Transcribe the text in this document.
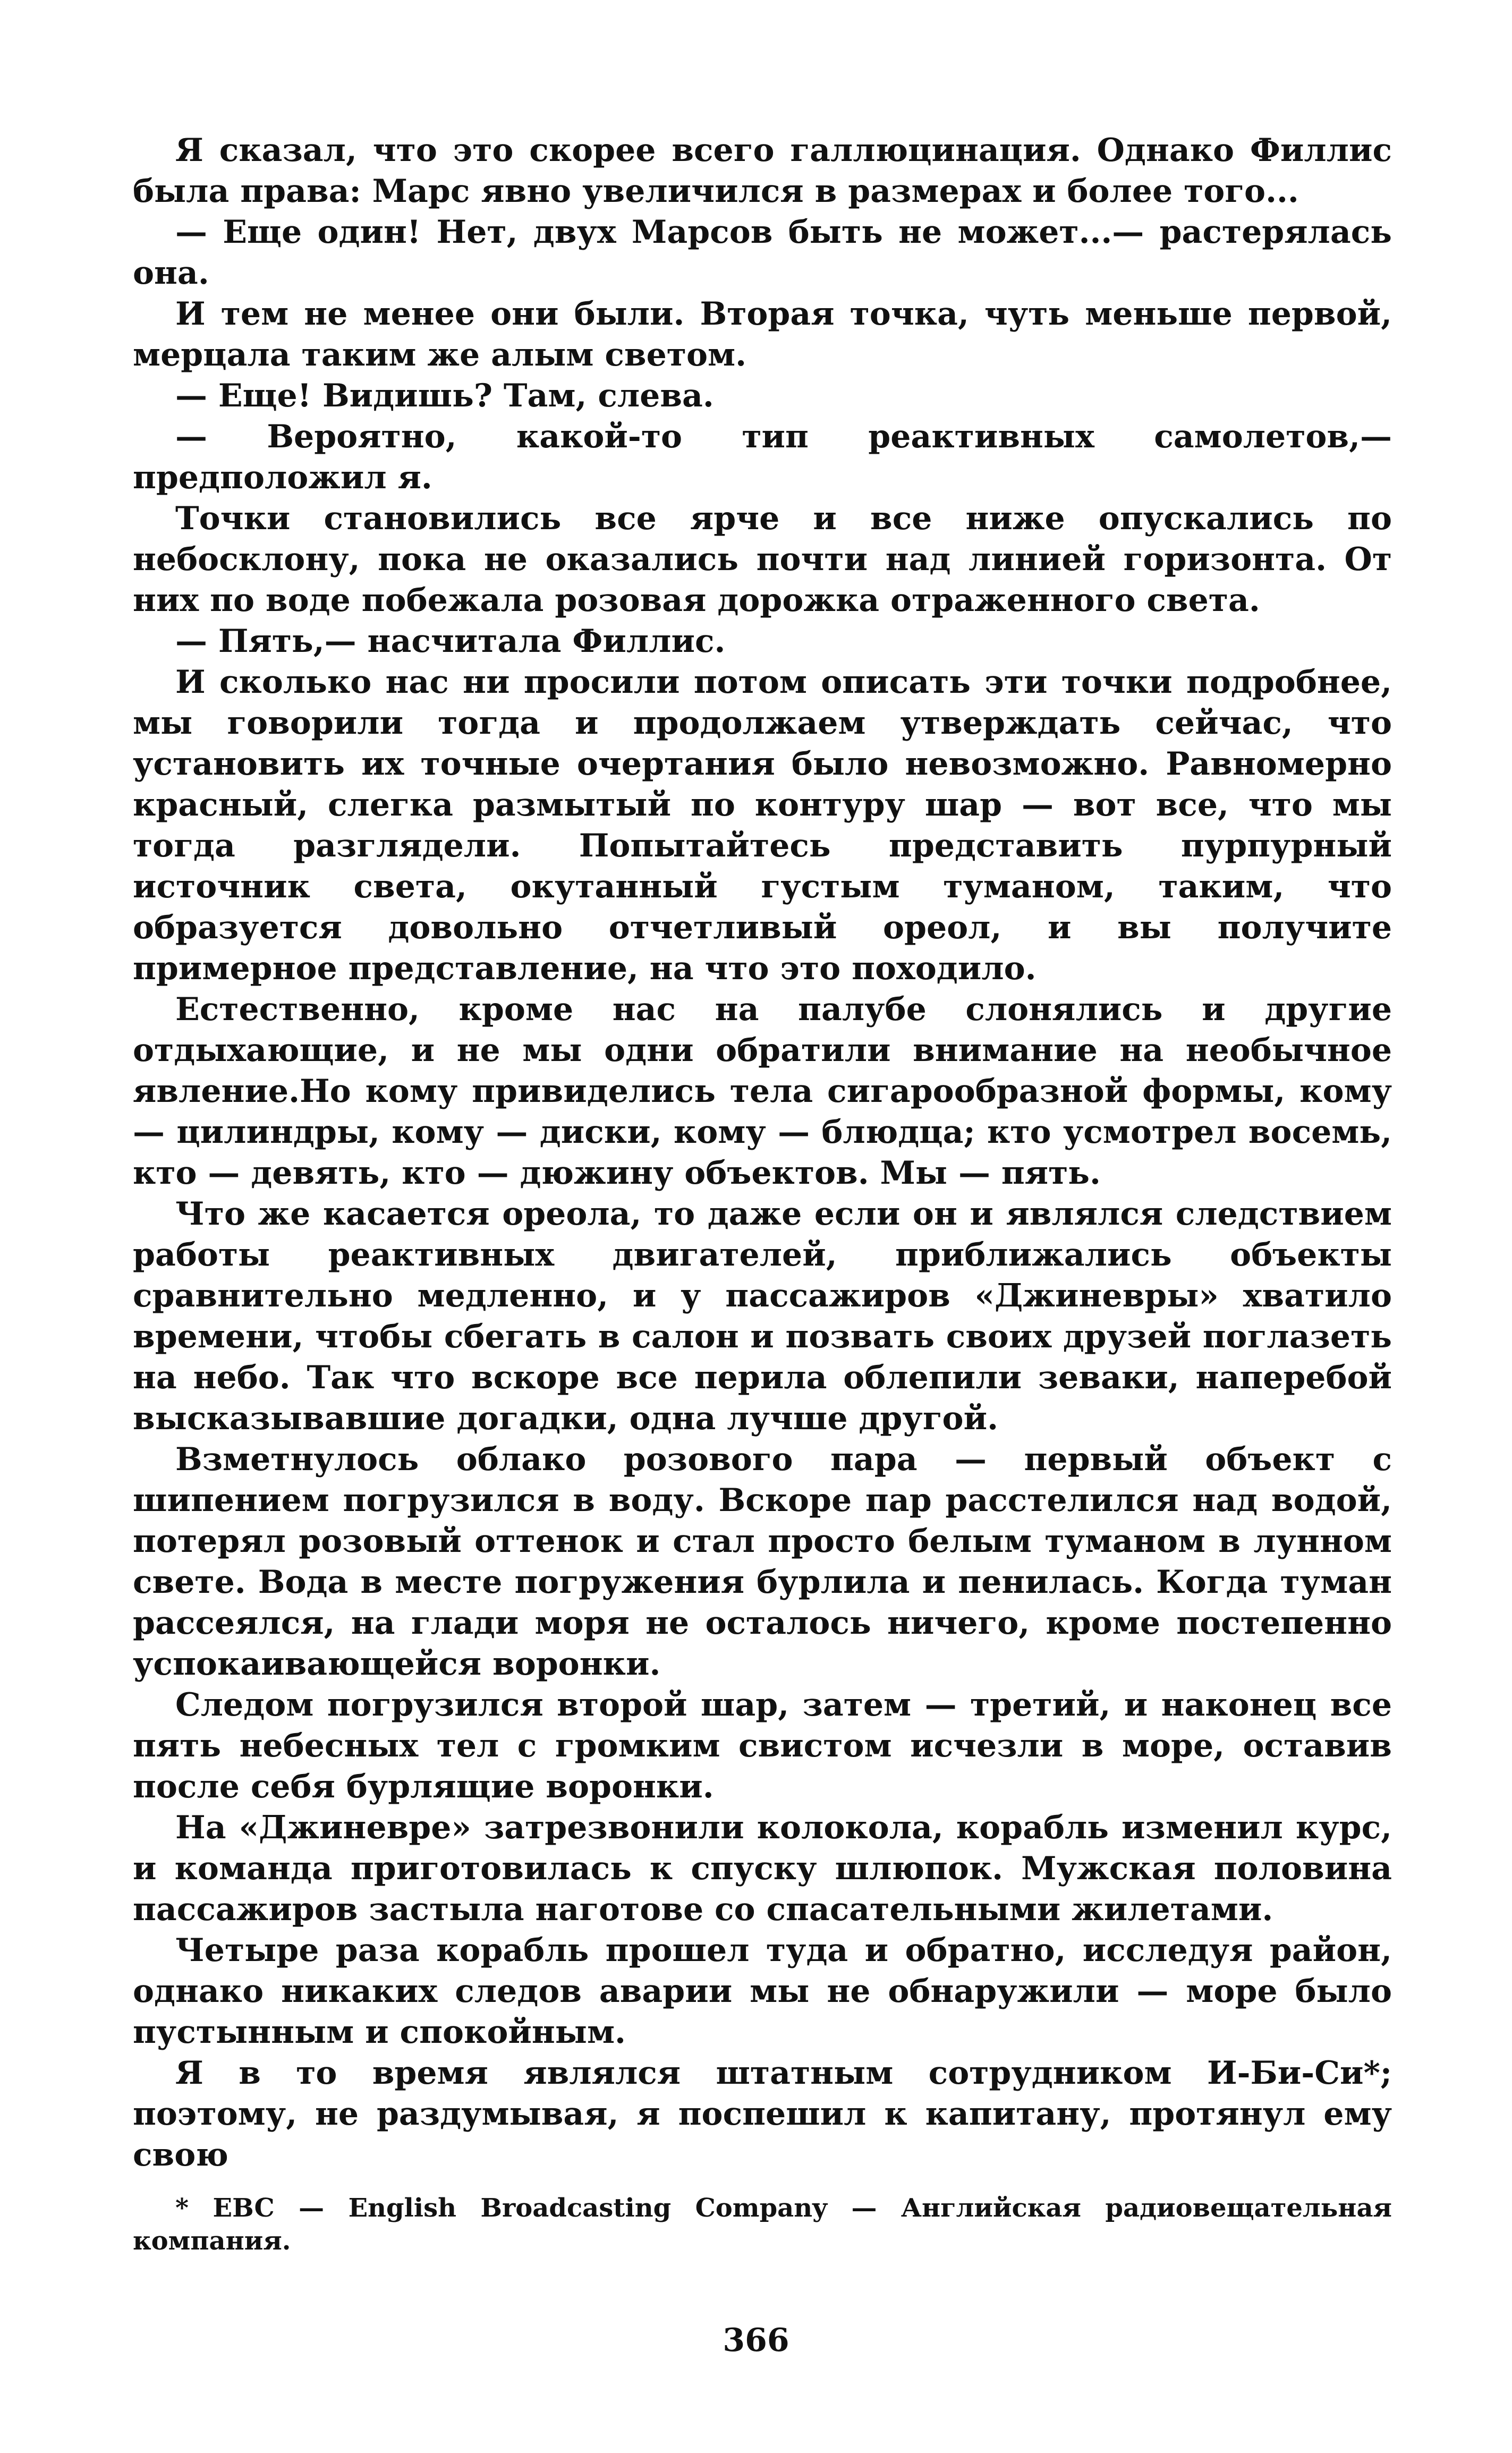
Я сказал, что это скорее всего галлюцинация. Однако Филлис была права: Марс явно увеличился в размерах и более того...

— Еще один! Нет, двух Марсов быть не может...— растерялась она.

И тем не менее они были. Вторая точка, чуть меньше первой, мерцала таким же алым светом.

— Еще! Видишь? Там, слева.

— Вероятно, какой-то тип реактивных самолетов,— предположил я.

Точки становились все ярче и все ниже опускались по небосклону, пока не оказались почти над линией горизонта. От них по воде побежала розовая дорожка отраженного света.

— Пять,— насчитала Филлис.

И сколько нас ни просили потом описать эти точки подробнее, мы говорили тогда и продолжаем утверждать сейчас, что установить их точные очертания было невозможно. Равномерно красный, слегка размытый по контуру шар — вот все, что мы тогда разглядели. Попытайтесь представить пурпурный источник света, окутанный густым туманом, таким, что образуется довольно отчетливый ореол, и вы получите примерное представление, на что это походило.

Естественно, кроме нас на палубе слонялись и другие отдыхающие, и не мы одни обратили внимание на необычное явление.Но кому привиделись тела сигарообразной формы, кому — цилиндры, кому — диски, кому — блюдца; кто усмотрел восемь, кто — девять, кто — дюжину объектов. Мы — пять.

Что же касается ореола, то даже если он и являлся следствием работы реактивных двигателей, приближались объекты сравнительно медленно, и у пассажиров «Джиневры» хватило времени, чтобы сбегать в салон и позвать своих друзей поглазеть на небо. Так что вскоре все перила облепили зеваки, наперебой высказывавшие догадки, одна лучше другой.

Взметнулось облако розового пара — первый объект с шипением погрузился в воду. Вскоре пар расстелился над водой, потерял розовый оттенок и стал просто белым туманом в лунном свете. Вода в месте погружения бурлила и пенилась. Когда туман рассеялся, на глади моря не осталось ничего, кроме постепенно успокаивающейся воронки.

Следом погрузился второй шар, затем — третий, и наконец все пять небесных тел с громким свистом исчезли в море, оставив после себя бурлящие воронки.

На «Джиневре» затрезвонили колокола, корабль изменил курс, и команда приготовилась к спуску шлюпок. Мужская половина пассажиров застыла наготове со спасательными жилетами.

Четыре раза корабль прошел туда и обратно, исследуя район, однако никаких следов аварии мы не обнаружили — море было пустынным и спокойным.

Я в то время являлся штатным сотрудником И-Би-Си*; поэтому, не раздумывая, я поспешил к капитану, протянул ему свою

* EBC — English Broadcasting Company — Английская радиовещательная компания.
366
